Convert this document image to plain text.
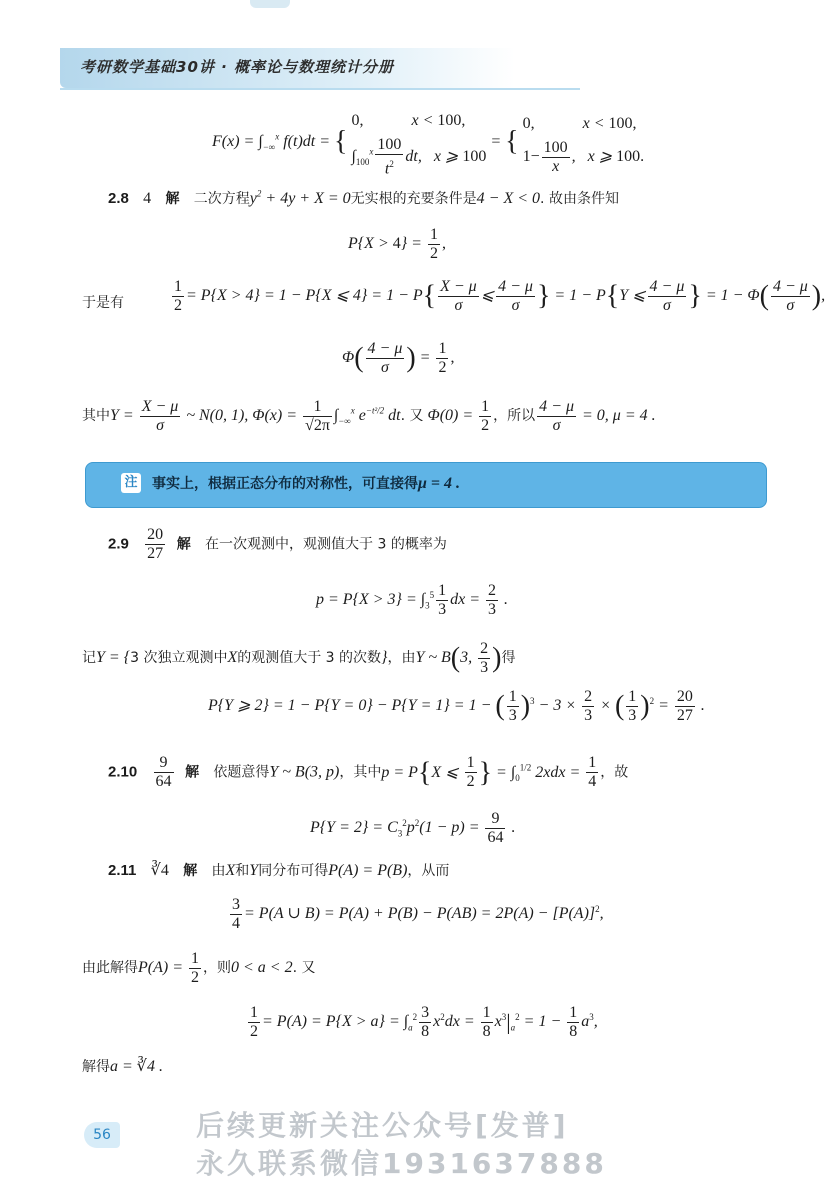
考研数学基础30讲 · 概率论与数理统计分册
$F(x) = \int_{-\infty}^x$ f(t)dt = {
0,            x < 100,
$\int_{100}^x \frac{100}{t^2}$ dt,   x ⩾ 100
= {
0,            x < 100,
$1- \frac{100}{x}$ ,   x ⩾ 100.
2.8 4 解 二次方程$y^2 + 4y + X = 0$无实根的充要条件是4 − X < 0. 故由条件知
$P\{X > 4\} = \frac{1}{2}$ ,
于是有	$\frac{1}{2} = P\{X > 4\} = 1 - P\{X$ ⩽ $4\} = 1 - P\{ \frac{X - \mu}{\sigma}$ ⩽ $\frac{4 - \mu}{\sigma}$ } = 1 − P{Y ⩽ $\frac{4 - \mu}{\sigma}$ } = $1 - \Phi( \frac{4 - \mu}{\sigma}$ ),
$\Phi( \frac{4 - \mu}{\sigma}$ ) = $\frac{1}{2}$ ,
其中$Y = \frac{X - \mu}{\sigma}$ ~ N(0, 1), $\Phi(x) = \frac{1}{√2\pi} \int_{-\infty}^x$ $e^{-t^2/2}$ dt. 又 $\Phi(0) = \frac{1}{2}$ ，所以 $\frac{4 - \mu}{\sigma} = 0$, μ = 4 .
注 事实上，根据正态分布的对称性，可直接得μ = 4 .
$2.9 \frac{20}{27}$ 解 在一次观测中，观测值大于 3 的概率为
$p = P\{X > 3\} = \int_3^5 \frac{1}{3}$ dx = $\frac{2}{3}$ .
记Y = {3 次独立观测中X的观测值大于 3 的次数}，由Y ~ B(3, $\frac{2}{3}$ )得
P{Y ⩾ 2} = 1 − P{Y = 0} − P{Y = 1} = 1 − ( $\frac{1}{3} )^3 - 3 \times \frac{2}{3}$ × ( $\frac{1}{3} )^2 = \frac{20}{27}$ .
$2.10 \frac{9}{64}$ 解 依题意得Y ~ B(3, p)，其中p = P{X ⩽ $\frac{1}{2}$ } = $\int_0^{1/2}$ $2xdx = \frac{1}{4}$ ，故
$P\{Y = 2\} = C_3^2p^2(1 - p) = \frac{9}{64}$ .
2.11 ∛4 解 由X和Y同分布可得P(A) = P(B)，从而
$\frac{3}{4} = P(A$ ∪ $B) = P(A) + P(B) - P(AB) = 2P(A) - [P(A)]^2$,
由此解得$P(A) = \frac{1}{2}$ ，则0 < a < 2. 又
$\frac{1}{2} = P(A) = P\{X > a\} = \int_a^2 \frac{3}{8} x^2dx = \frac{1}{8} x^3|_a^2 = 1 - \frac{1}{8} a^3$,
解得a = ∛4 .
56	后续更新关注公众号[发普]
永久联系微信1931637888
